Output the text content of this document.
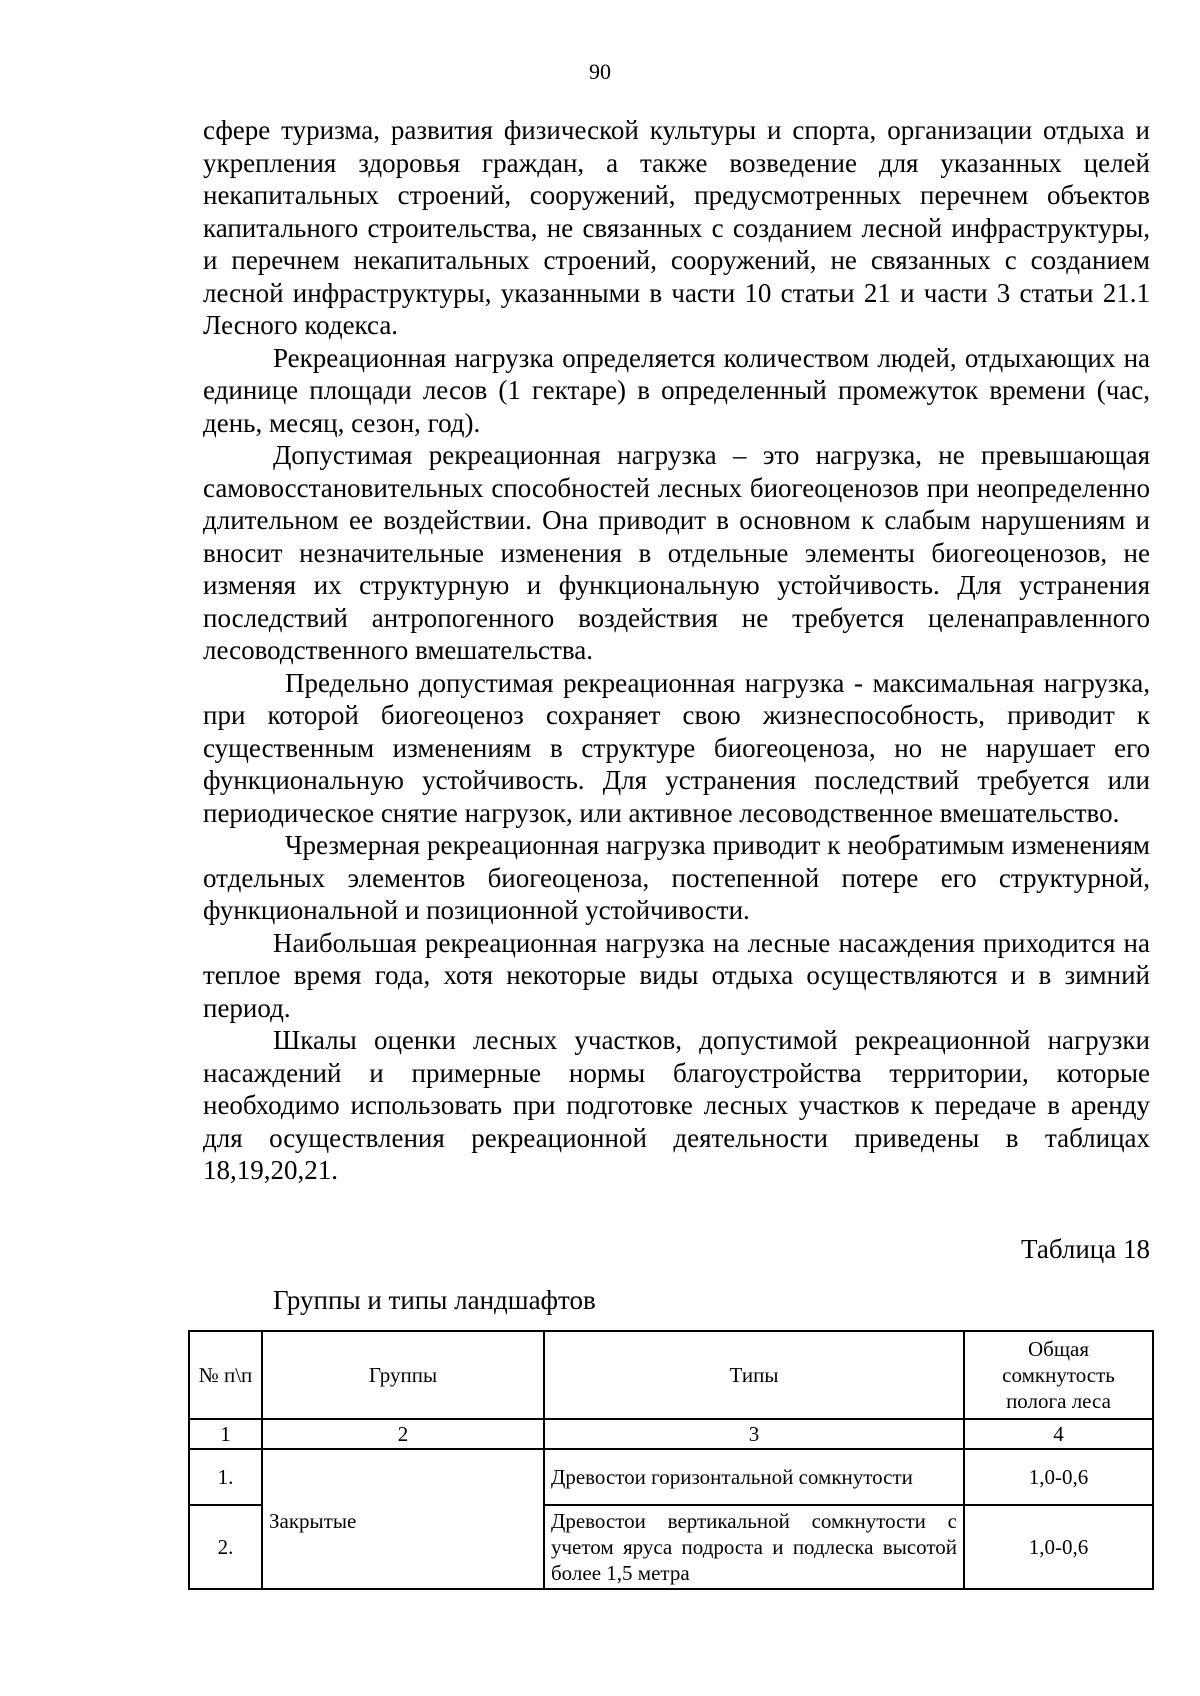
90

сфере туризма, развития физической культуры и спорта, организации отдыха и укрепления здоровья граждан, а также возведение для указанных целей некапитальных строений, сооружений, предусмотренных перечнем объектов капитального строительства, не связанных с созданием лесной инфраструктуры, и перечнем некапитальных строений, сооружений, не связанных с созданием лесной инфраструктуры, указанными в части 10 статьи 21 и части 3 статьи 21.1 Лесного кодекса.

Рекреационная нагрузка определяется количеством людей, отдыхающих на единице площади лесов (1 гектаре) в определенный промежуток времени (час, день, месяц, сезон, год).

Допустимая рекреационная нагрузка – это нагрузка, не превышающая самовосстановительных способностей лесных биогеоценозов при неопределенно длительном ее воздействии. Она приводит в основном к слабым нарушениям и вносит незначительные изменения в отдельные элементы биогеоценозов, не изменяя их структурную и функциональную устойчивость. Для устранения последствий антропогенного воздействия не требуется целенаправленного лесоводственного вмешательства.

Предельно допустимая рекреационная нагрузка - максимальная нагрузка, при которой биогеоценоз сохраняет свою жизнеспособность, приводит к существенным изменениям в структуре биогеоценоза, но не нарушает его функциональную устойчивость. Для устранения последствий требуется или периодическое снятие нагрузок, или активное лесоводственное вмешательство.

Чрезмерная рекреационная нагрузка приводит к необратимым изменениям отдельных элементов биогеоценоза, постепенной потере его структурной, функциональной и позиционной устойчивости.

Наибольшая рекреационная нагрузка на лесные насаждения приходится на теплое время года, хотя некоторые виды отдыха осуществляются и в зимний период.

Шкалы оценки лесных участков, допустимой рекреационной нагрузки насаждений и примерные нормы благоустройства территории, которые необходимо использовать при подготовке лесных участков к передаче в аренду для осуществления рекреационной деятельности приведены в таблицах 18,19,20,21.

Таблица 18
Группы и типы ландшафтов
№ п\п	Группы	Типы	Общая сомкнутость полога леса
1	2	3	4
1.	Закрытые	Древостои горизонтальной сомкнутости	1,0-0,6
2.		Древостои вертикальной сомкнутости с учетом яруса подроста и подлеска высотой более 1,5 метра	1,0-0,6
